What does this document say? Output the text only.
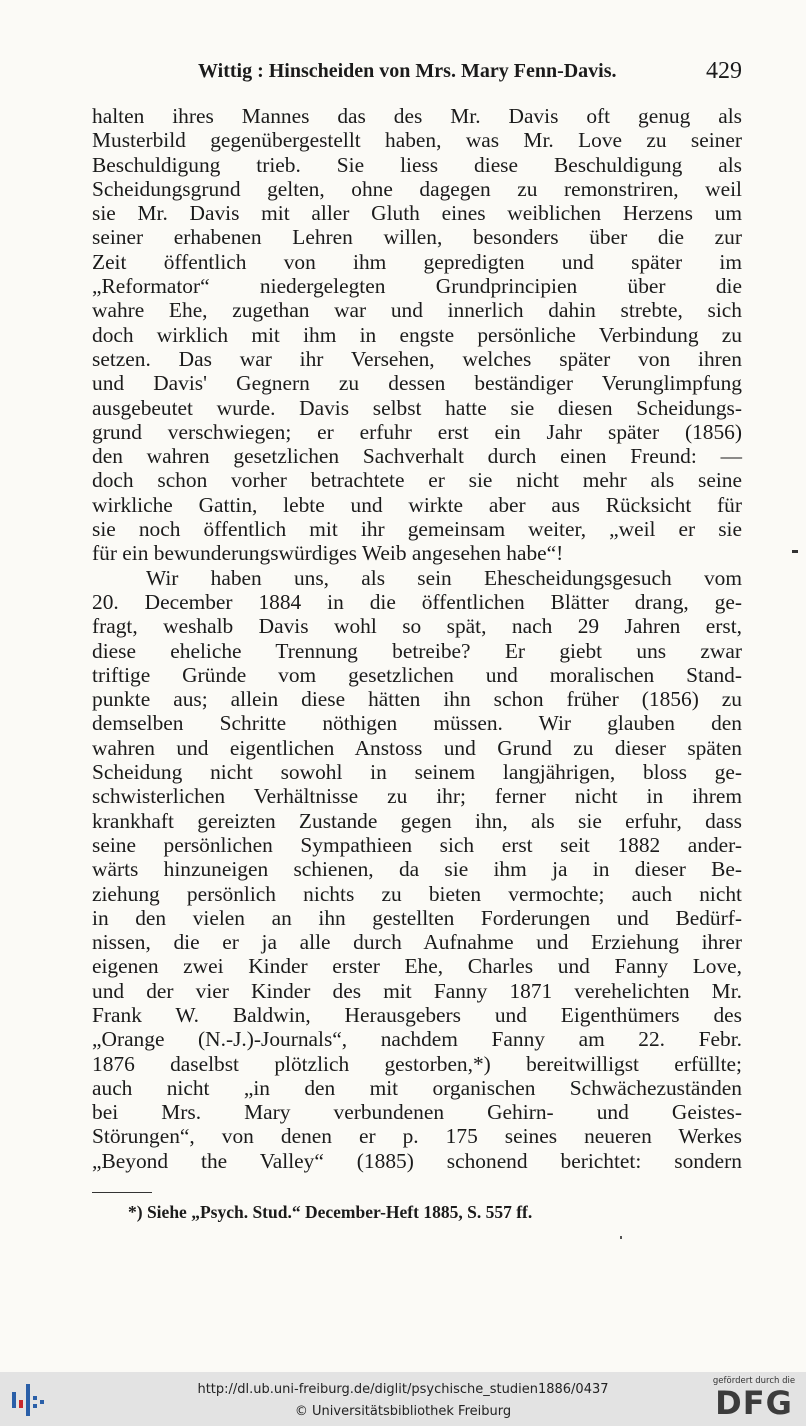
Wittig : Hinscheiden von Mrs. Mary Fenn-Davis.	429
halten ihres Mannes das des Mr. Davis oft genug als
Musterbild gegenübergestellt haben, was Mr. Love zu seiner
Beschuldigung trieb. Sie liess diese Beschuldigung als
Scheidungsgrund gelten, ohne dagegen zu remonstriren, weil
sie Mr. Davis mit aller Gluth eines weiblichen Herzens um
seiner erhabenen Lehren willen, besonders über die zur
Zeit öffentlich von ihm gepredigten und später im
„Reformator“ niedergelegten Grundprincipien über die
wahre Ehe, zugethan war und innerlich dahin strebte, sich
doch wirklich mit ihm in engste persönliche Verbindung zu
setzen. Das war ihr Versehen, welches später von ihren
und Davis' Gegnern zu dessen beständiger Verunglimpfung
ausgebeutet wurde. Davis selbst hatte sie diesen Scheidungs-
grund verschwiegen; er erfuhr erst ein Jahr später (1856)
den wahren gesetzlichen Sachverhalt durch einen Freund: —
doch schon vorher betrachtete er sie nicht mehr als seine
wirkliche Gattin, lebte und wirkte aber aus Rücksicht für
sie noch öffentlich mit ihr gemeinsam weiter, „weil er sie
für ein bewunderungswürdiges Weib angesehen habe“!
Wir haben uns, als sein Ehescheidungsgesuch vom
20. December 1884 in die öffentlichen Blätter drang, ge-
fragt, weshalb Davis wohl so spät, nach 29 Jahren erst,
diese eheliche Trennung betreibe? Er giebt uns zwar
triftige Gründe vom gesetzlichen und moralischen Stand-
punkte aus; allein diese hätten ihn schon früher (1856) zu
demselben Schritte nöthigen müssen. Wir glauben den
wahren und eigentlichen Anstoss und Grund zu dieser späten
Scheidung nicht sowohl in seinem langjährigen, bloss ge-
schwisterlichen Verhältnisse zu ihr; ferner nicht in ihrem
krankhaft gereizten Zustande gegen ihn, als sie erfuhr, dass
seine persönlichen Sympathieen sich erst seit 1882 ander-
wärts hinzuneigen schienen, da sie ihm ja in dieser Be-
ziehung persönlich nichts zu bieten vermochte; auch nicht
in den vielen an ihn gestellten Forderungen und Bedürf-
nissen, die er ja alle durch Aufnahme und Erziehung ihrer
eigenen zwei Kinder erster Ehe, Charles und Fanny Love,
und der vier Kinder des mit Fanny 1871 verehelichten Mr.
Frank W. Baldwin, Herausgebers und Eigenthümers des
„Orange (N.-J.)-Journals“, nachdem Fanny am 22. Febr.
1876 daselbst plötzlich gestorben,*) bereitwilligst erfüllte;
auch nicht „in den mit organischen Schwächezuständen
bei Mrs. Mary verbundenen Gehirn- und Geistes-
Störungen“, von denen er p. 175 seines neueren Werkes
„Beyond the Valley“ (1885) schonend berichtet: sondern
*) Siehe „Psych. Stud.“ December-Heft 1885, S. 557 ff.
http://dl.ub.uni-freiburg.de/diglit/psychische_studien1886/0437
© Universitätsbibliothek Freiburg
gefördert durch die
DFG
